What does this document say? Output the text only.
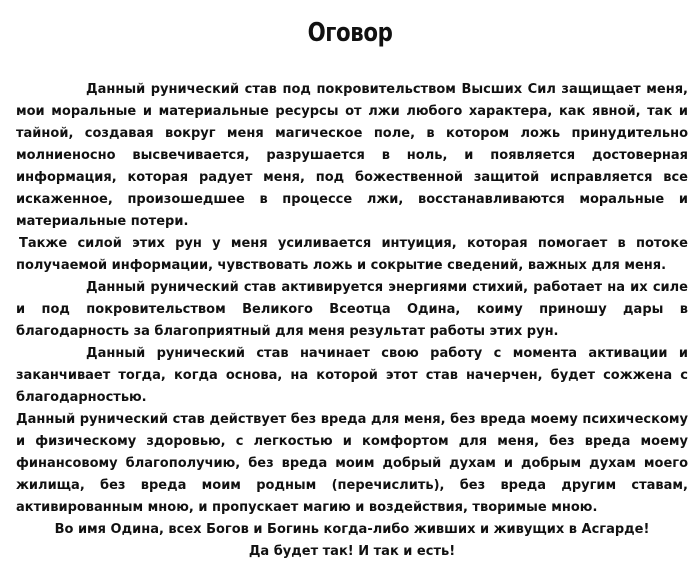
Оговор

Данный рунический став под покровительством Высших Сил защищает меня, мои моральные и материальные ресурсы от лжи любого характера, как явной, так и тайной, создавая вокруг меня магическое поле, в котором ложь принудительно молниеносно высвечивается, разрушается в ноль, и появляется достоверная информация, которая радует меня, под божественной защитой исправляется все искаженное, произошедшее в процессе лжи, восстанавливаются моральные и материальные потери.

Также силой этих рун у меня усиливается интуиция, которая помогает в потоке получаемой информации, чувствовать ложь и сокрытие сведений, важных для меня.

Данный рунический став активируется энергиями стихий, работает на их силе и под покровительством Великого Всеотца Одина, коиму приношу дары в благодарность за благоприятный для меня результат работы этих рун.

Данный рунический став начинает свою работу с момента активации и заканчивает тогда, когда основа, на которой этот став начерчен, будет сожжена с благодарностью.

Данный рунический став действует без вреда для меня, без вреда моему психическому и физическому здоровью, с легкостью и комфортом для меня, без вреда моему финансовому благополучию, без вреда моим добрый духам и добрым духам моего жилища, без вреда моим родным (перечислить), без вреда другим ставам, активированным мною, и пропускает магию и воздействия, творимые мною.

Во имя Одина, всех Богов и Богинь когда-либо живших и живущих в Асгарде!

Да будет так! И так и есть!
